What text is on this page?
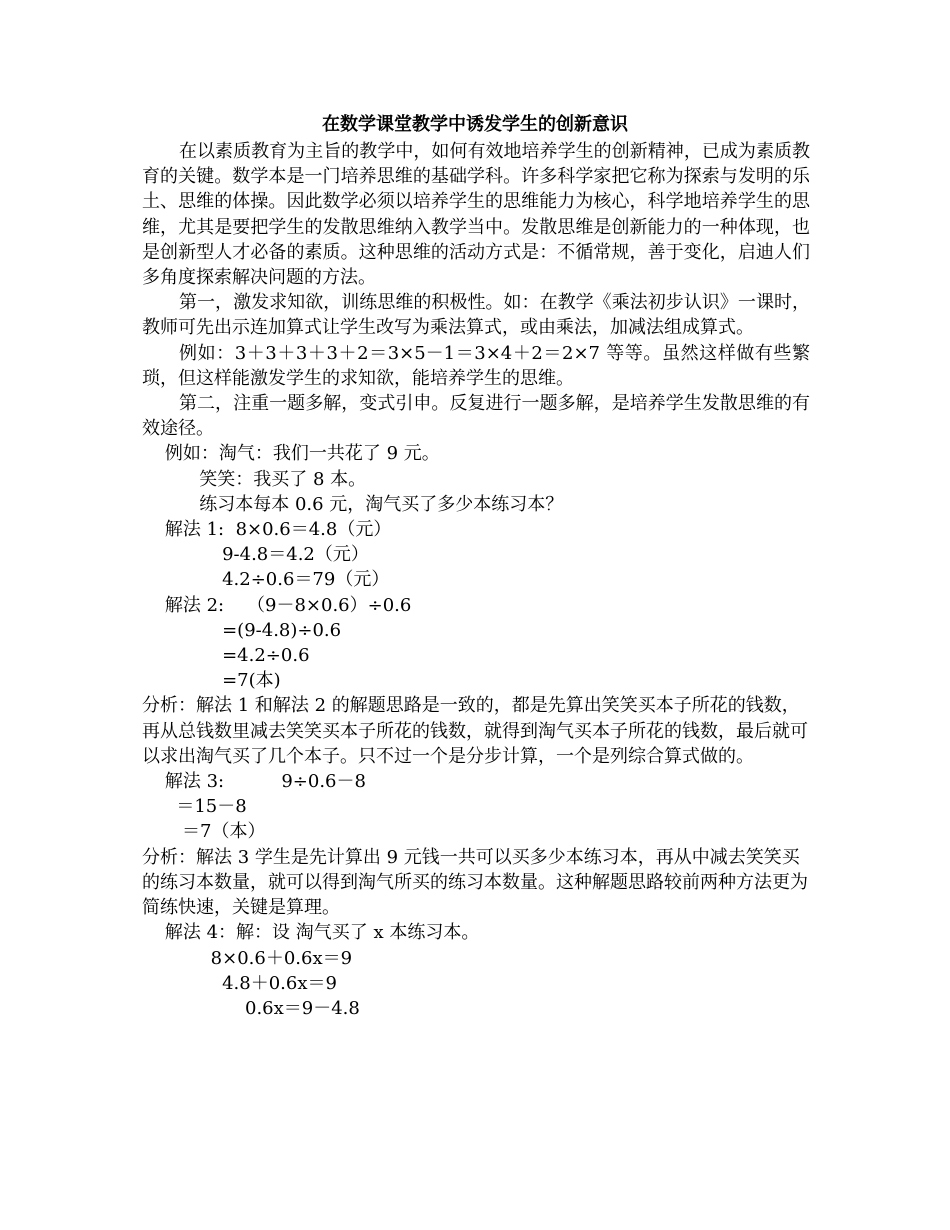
在数学课堂教学中诱发学生的创新意识

在以素质教育为主旨的教学中，如何有效地培养学生的创新精神，已成为素质教育的关键。数学本是一门培养思维的基础学科。许多科学家把它称为探索与发明的乐土、思维的体操。因此数学必须以培养学生的思维能力为核心，科学地培养学生的思维，尤其是要把学生的发散思维纳入教学当中。发散思维是创新能力的一种体现，也是创新型人才必备的素质。这种思维的活动方式是：不循常规，善于变化，启迪人们多角度探索解决问题的方法。

第一，激发求知欲，训练思维的积极性。如：在教学《乘法初步认识》一课时，教师可先出示连加算式让学生改写为乘法算式，或由乘法，加减法组成算式。

例如：3＋3＋3＋3＋2＝3×5－1＝3×4＋2＝2×7 等等。虽然这样做有些繁琐，但这样能激发学生的求知欲，能培养学生的思维。

第二，注重一题多解，变式引申。反复进行一题多解，是培养学生发散思维的有效途径。

例如：淘气：我们一共花了 9 元。

笑笑：我买了 8 本。

练习本每本 0.6 元，淘气买了多少本练习本？

解法 1:  8×0.6＝4.8（元）

9-4.8＝4.2（元）

4.2÷0.6＝79（元）

解法 2:    （9－8×0.6）÷0.6

=(9-4.8)÷0.6

=4.2÷0.6

=7(本)

分析：解法 1 和解法 2 的解题思路是一致的，都是先算出笑笑买本子所花的钱数，再从总钱数里减去笑笑买本子所花的钱数，就得到淘气买本子所花的钱数，最后就可以求出淘气买了几个本子。只不过一个是分步计算，一个是列综合算式做的。

解法 3:          9÷0.6－8

＝15－8

＝7（本）

分析：解法 3 学生是先计算出 9 元钱一共可以买多少本练习本，再从中减去笑笑买的练习本数量，就可以得到淘气所买的练习本数量。这种解题思路较前两种方法更为简练快速，关键是算理。

解法 4：解：设 淘气买了 x 本练习本。

8×0.6＋0.6x＝9

4.8＋0.6x＝9

0.6x＝9－4.8
